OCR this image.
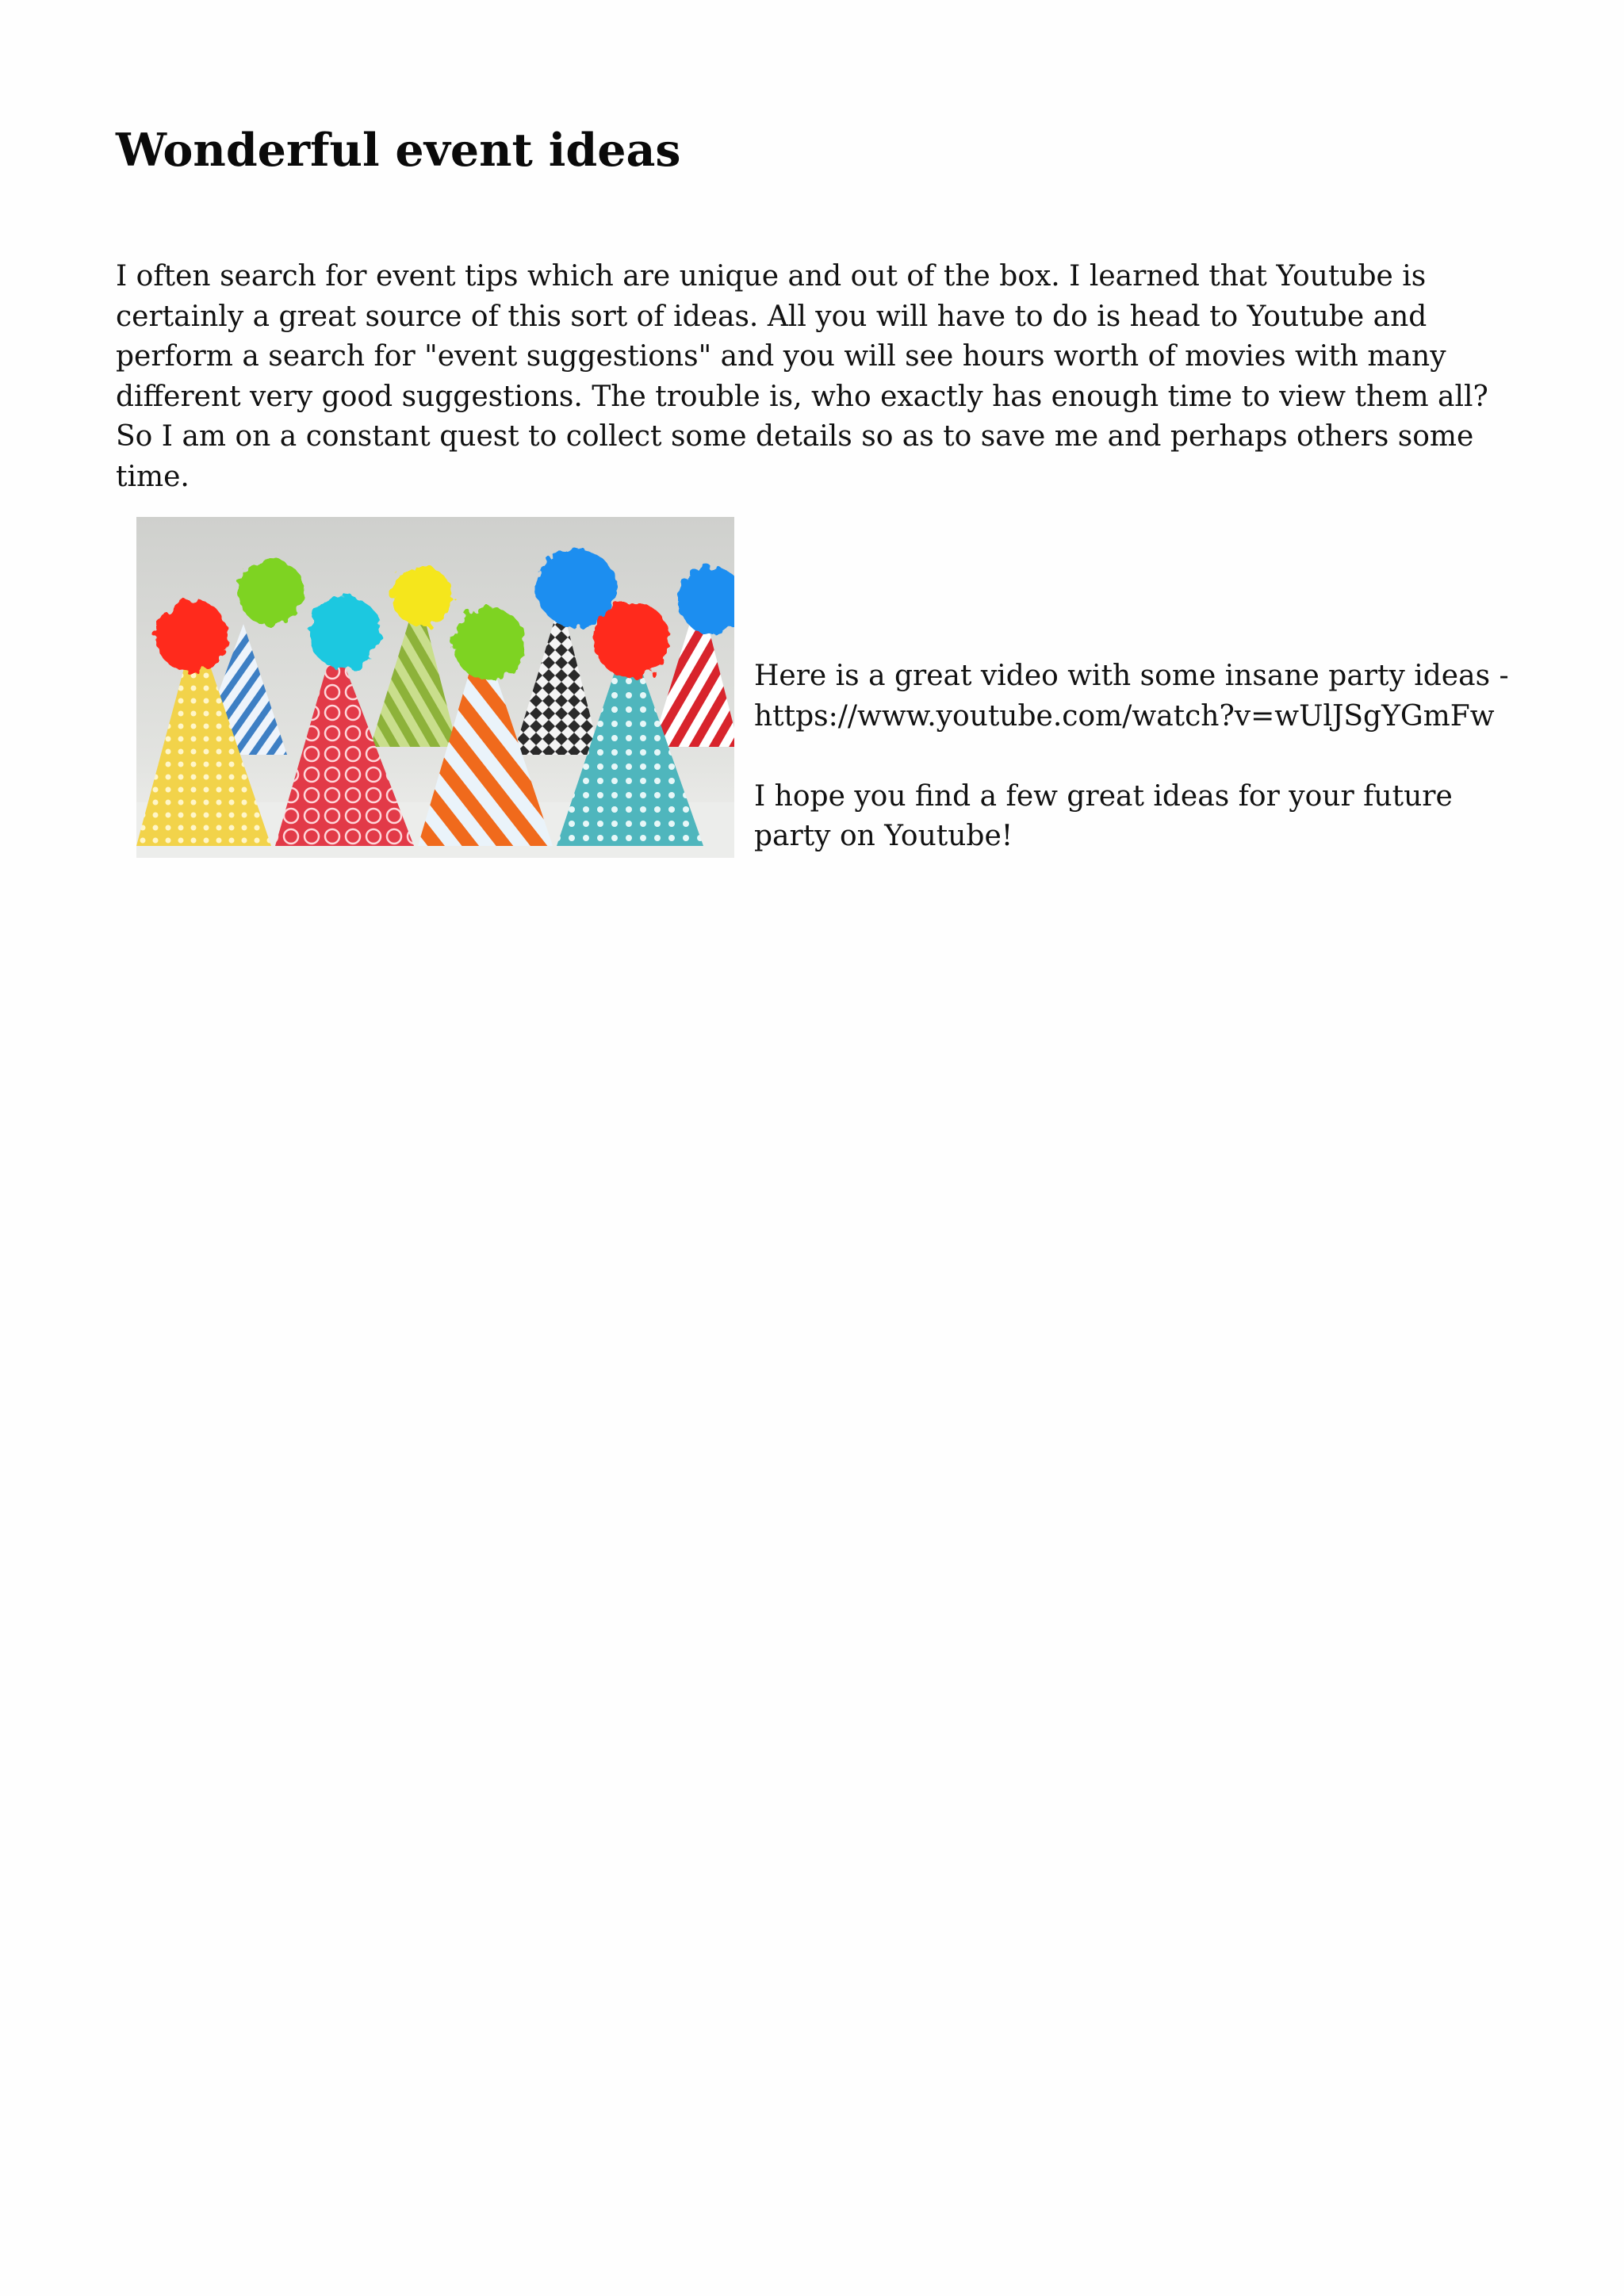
Wonderful event ideas

I often search for event tips which are unique and out of the box. I learned that Youtube is certainly a great source of this sort of ideas. All you will have to do is head to Youtube and perform a search for "event suggestions" and you will see hours worth of movies with many different very good suggestions. The trouble is, who exactly has enough time to view them all? So I am on a constant quest to collect some details so as to save me and perhaps others some time.

Here is a great video with some insane party ideas - https://www.youtube.com/watch?v=wUlJSgYGmFw

I hope you find a few great ideas for your future party on Youtube!
